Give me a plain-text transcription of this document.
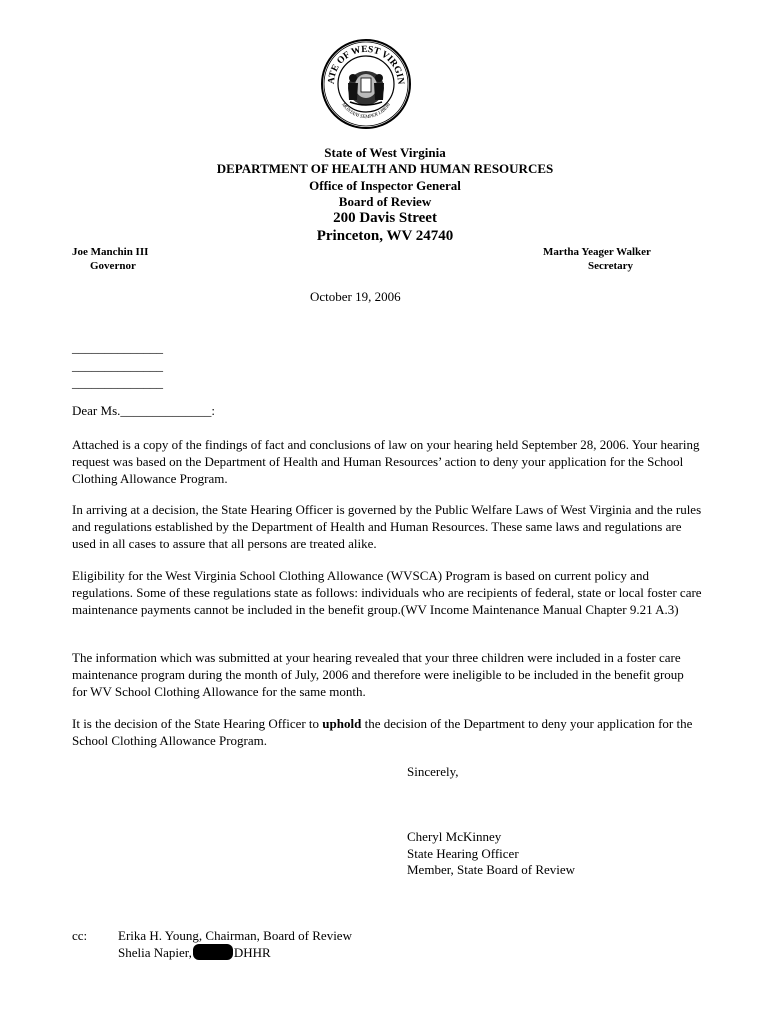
ATE OF WEST VIRGIN
MONTANI SEMPER LIBERI
State of West Virginia
DEPARTMENT OF HEALTH AND HUMAN RESOURCES
Office of Inspector General
Board of Review
200 Davis Street
Princeton, WV 24740
Joe Manchin III
Governor
Martha Yeager Walker
Secretary
October 19, 2006
______________
______________
______________
Dear Ms.______________:
Attached is a copy of the findings of fact and conclusions of law on your hearing held September 28, 2006. Your hearing request was based on the Department of Health and Human Resources’ action to deny your application for the School Clothing Allowance Program.
In arriving at a decision, the State Hearing Officer is governed by the Public Welfare Laws of West Virginia and the rules and regulations established by the Department of Health and Human Resources. These same laws and regulations are used in all cases to assure that all persons are treated alike.
Eligibility for the West Virginia School Clothing Allowance (WVSCA) Program is based on current policy and regulations. Some of these regulations state as follows: individuals who are recipients of federal, state or local foster care maintenance payments cannot be included in the benefit group.(WV Income Maintenance Manual Chapter 9.21 A.3)
The information which was submitted at your hearing revealed that your three children were included in a foster care maintenance program during the month of July, 2006 and therefore were ineligible to be included in the benefit group for WV School Clothing Allowance for the same month.
It is the decision of the State Hearing Officer to uphold the decision of the Department to deny your application for the School Clothing Allowance Program.
Sincerely,
Cheryl McKinney
State Hearing Officer
Member, State Board of Review
cc: Erika H. Young, Chairman, Board of Review
Shelia Napier,	DHHR
